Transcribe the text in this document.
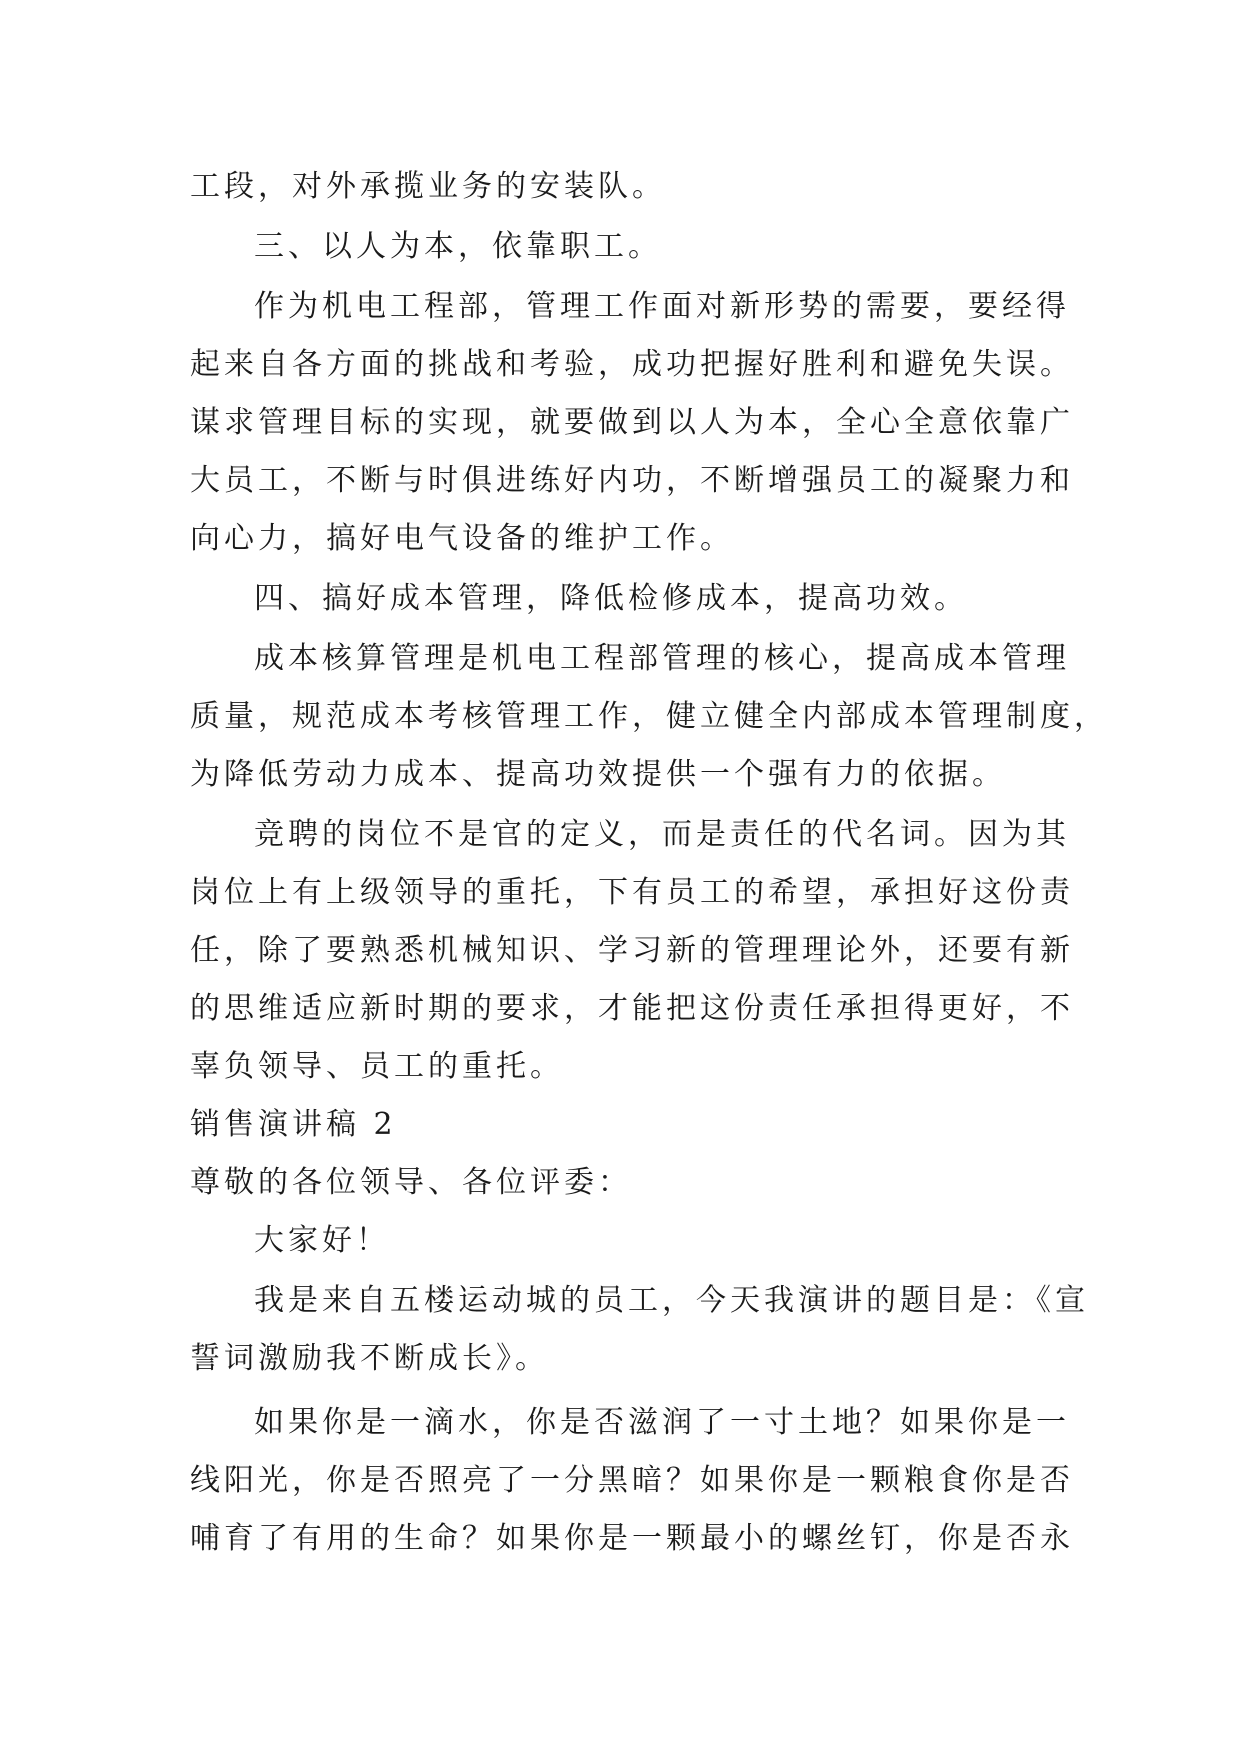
工段，对外承揽业务的安装队。
三、以人为本，依靠职工。
作为机电工程部，管理工作面对新形势的需要，要经得
起来自各方面的挑战和考验，成功把握好胜利和避免失误。
谋求管理目标的实现，就要做到以人为本，全心全意依靠广
大员工，不断与时俱进练好内功，不断增强员工的凝聚力和
向心力，搞好电气设备的维护工作。
四、搞好成本管理，降低检修成本，提高功效。
成本核算管理是机电工程部管理的核心，提高成本管理
质量，规范成本考核管理工作，健立健全内部成本管理制度，
为降低劳动力成本、提高功效提供一个强有力的依据。
竞聘的岗位不是官的定义，而是责任的代名词。因为其
岗位上有上级领导的重托，下有员工的希望，承担好这份责
任，除了要熟悉机械知识、学习新的管理理论外，还要有新
的思维适应新时期的要求，才能把这份责任承担得更好，不
辜负领导、员工的重托。
销售演讲稿 2
尊敬的各位领导、各位评委：
大家好！
我是来自五楼运动城的员工，今天我演讲的题目是：《宣
誓词激励我不断成长》。
如果你是一滴水，你是否滋润了一寸土地？如果你是一
线阳光，你是否照亮了一分黑暗？如果你是一颗粮食你是否
哺育了有用的生命？如果你是一颗最小的螺丝钉，你是否永
